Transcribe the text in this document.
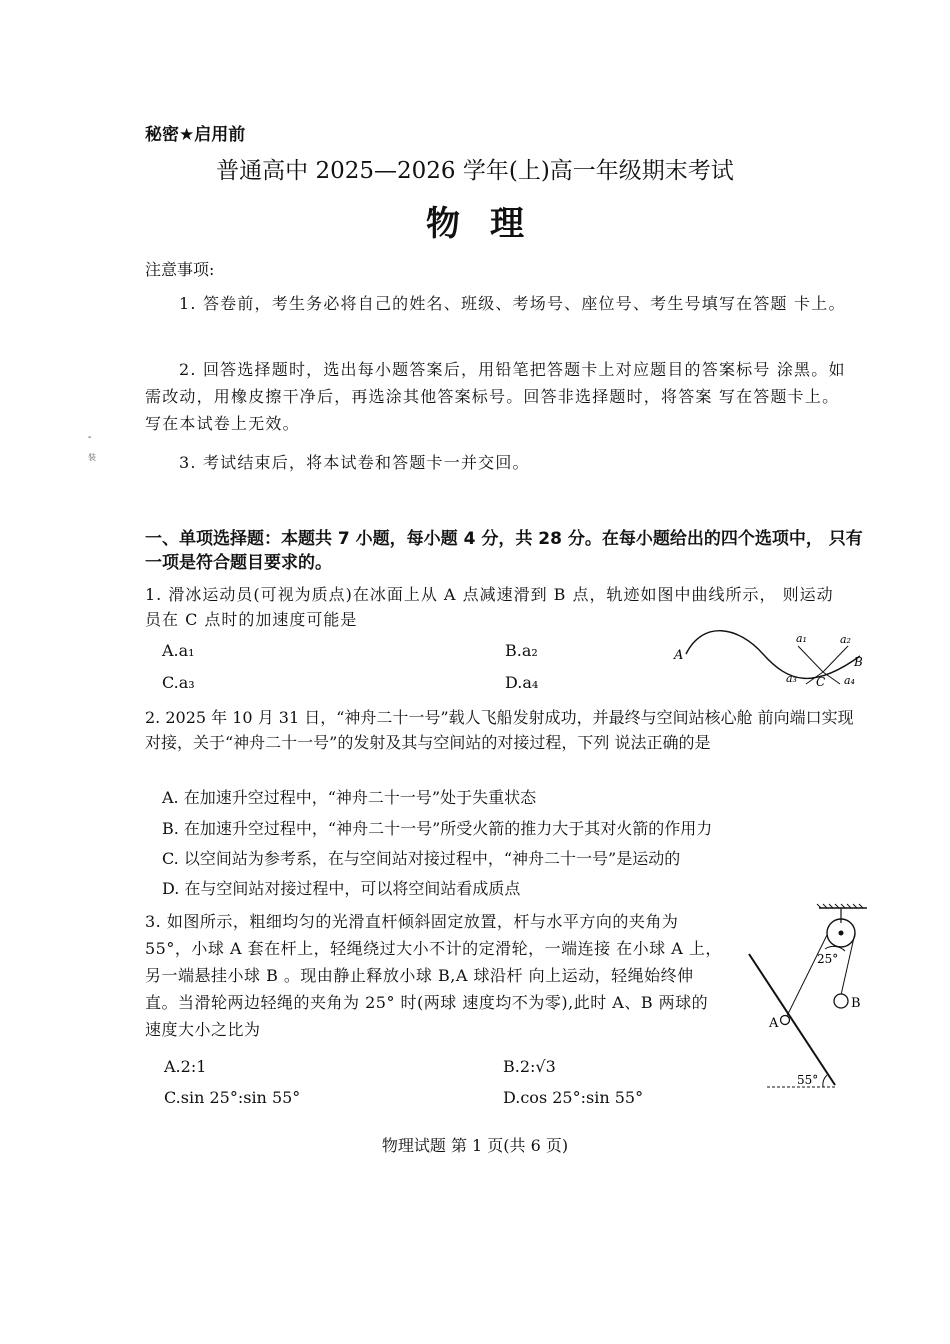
秘密★启用前
普通高中 2025—2026 学年(上)高一年级期末考试
物理
注意事项:
1. 答卷前，考生务必将自己的姓名、班级、考场号、座位号、考生号填写在答题 卡上。
2. 回答选择题时，选出每小题答案后，用铅笔把答题卡上对应题目的答案标号 涂黑。如需改动，用橡皮擦干净后，再选涂其他答案标号。回答非选择题时，将答案 写在答题卡上。写在本试卷上无效。
3. 考试结束后，将本试卷和答题卡一并交回。
-
装
一、单项选择题：本题共 7 小题，每小题 4 分，共 28 分。在每小题给出的四个选项中， 只有一项是符合题目要求的。
1. 滑冰运动员(可视为质点)在冰面上从 A 点减速滑到 B 点，轨迹如图中曲线所示， 则运动员在 C 点时的加速度可能是
A.a₁	B.a₂
C.a₃	D.a₄
A	B
C
a₁	a₂
a₃	a₄
2. 2025 年 10 月 31 日，“神舟二十一号”载人飞船发射成功，并最终与空间站核心舱 前向端口实现对接，关于“神舟二十一号”的发射及其与空间站的对接过程，下列 说法正确的是
A. 在加速升空过程中，“神舟二十一号”处于失重状态
B. 在加速升空过程中，“神舟二十一号”所受火箭的推力大于其对火箭的作用力
C. 以空间站为参考系，在与空间站对接过程中，“神舟二十一号”是运动的
D. 在与空间站对接过程中，可以将空间站看成质点
3. 如图所示，粗细均匀的光滑直杆倾斜固定放置，杆与水平方向的夹角为 55°，小球 A 套在杆上，轻绳绕过大小不计的定滑轮，一端连接 在小球 A 上，另一端悬挂小球 B 。现由静止释放小球 B,A 球沿杆 向上运动，轻绳始终伸直。当滑轮两边轻绳的夹角为 25° 时(两球 速度均不为零),此时 A、B 两球的速度大小之比为
A.2:1	B.2:√3
C.sin 25°:sin 55°	D.cos 25°:sin 55°
25°
55°
A
B
物理试题 第 1 页(共 6 页)
